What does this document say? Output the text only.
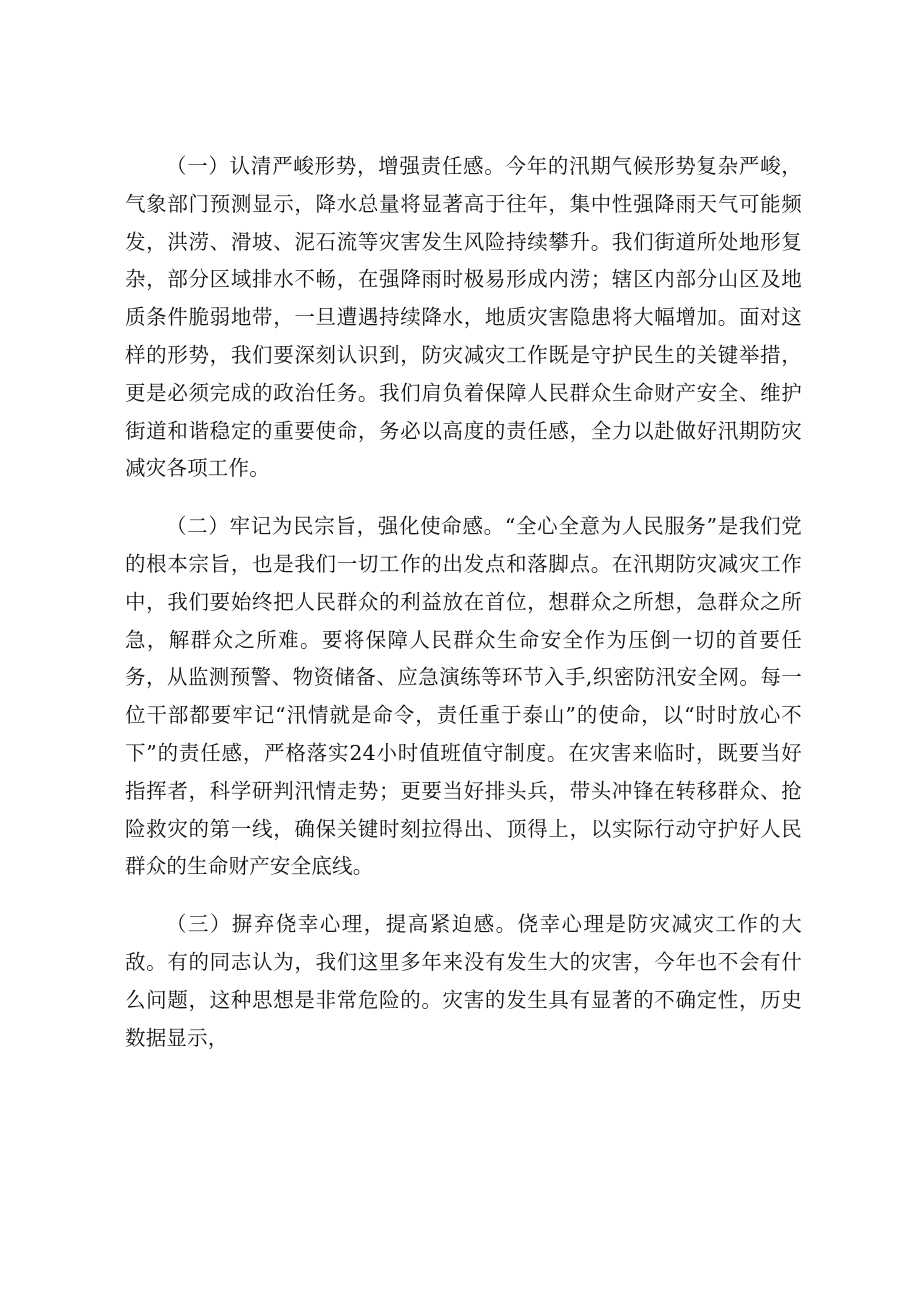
（一）认清严峻形势，增强责任感。今年的汛期气候形势复杂严峻，气象部门预测显示，降水总量将显著高于往年，集中性强降雨天气可能频发，洪涝、滑坡、泥石流等灾害发生风险持续攀升。我们街道所处地形复杂，部分区域排水不畅，在强降雨时极易形成内涝；辖区内部分山区及地质条件脆弱地带，一旦遭遇持续降水，地质灾害隐患将大幅增加。面对这样的形势，我们要深刻认识到，防灾减灾工作既是守护民生的关键举措，更是必须完成的政治任务。我们肩负着保障人民群众生命财产安全、维护街道和谐稳定的重要使命，务必以高度的责任感，全力以赴做好汛期防灾减灾各项工作。

（二）牢记为民宗旨，强化使命感。“全心全意为人民服务”是我们党的根本宗旨，也是我们一切工作的出发点和落脚点。在汛期防灾减灾工作中，我们要始终把人民群众的利益放在首位，想群众之所想，急群众之所急，解群众之所难。要将保障人民群众生命安全作为压倒一切的首要任务，从监测预警、物资储备、应急演练等环节入手,织密防汛安全网。每一位干部都要牢记“汛情就是命令，责任重于泰山”的使命，以“时时放心不下”的责任感，严格落实24小时值班值守制度。在灾害来临时，既要当好指挥者，科学研判汛情走势；更要当好排头兵，带头冲锋在转移群众、抢险救灾的第一线，确保关键时刻拉得出、顶得上，以实际行动守护好人民群众的生命财产安全底线。

（三）摒弃侥幸心理，提高紧迫感。侥幸心理是防灾减灾工作的大敌。有的同志认为，我们这里多年来没有发生大的灾害，今年也不会有什么问题，这种思想是非常危险的。灾害的发生具有显著的不确定性，历史数据显示，
